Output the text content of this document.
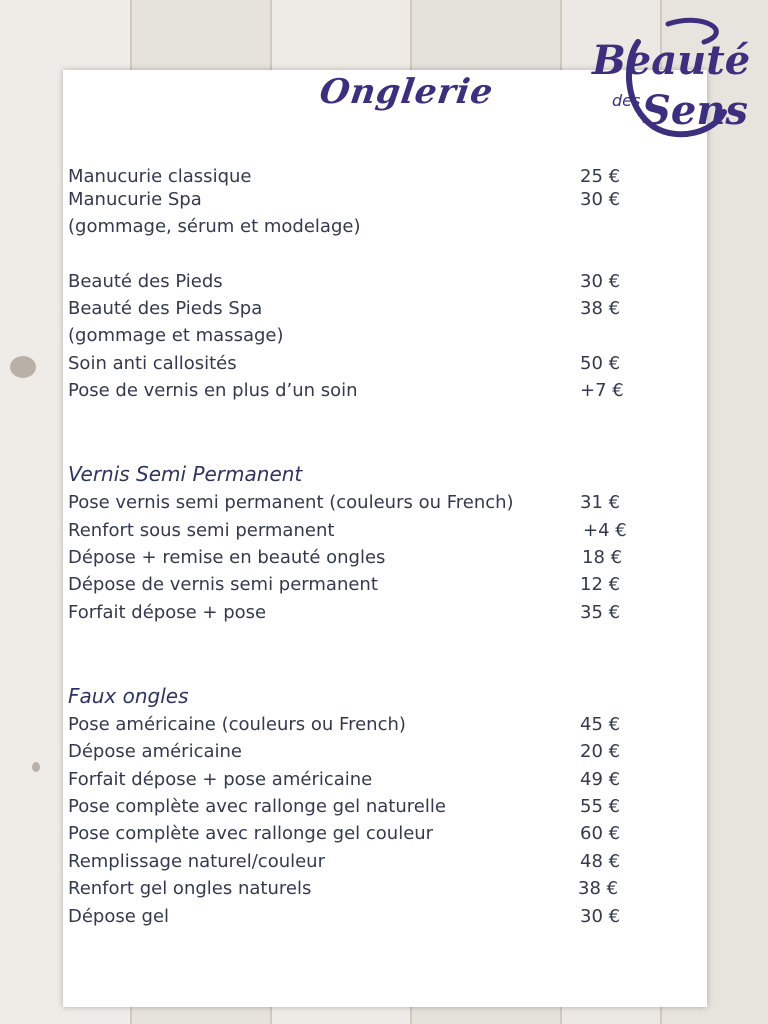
Onglerie
Beauté
des Sens
Manucurie classique	25 €
Manucurie Spa	30 €
(gommage, sérum et modelage)
Beauté des Pieds	30 €
Beauté des Pieds Spa	38 €
(gommage et massage)
Soin anti callosités	50 €
Pose de vernis en plus d’un soin	+7 €
Vernis Semi Permanent
Pose vernis semi permanent (couleurs ou French)	31 €
Renfort sous semi permanent	+4 €
Dépose + remise en beauté ongles	18 €
Dépose de vernis semi permanent	12 €
Forfait dépose + pose	35 €
Faux ongles
Pose américaine (couleurs ou French)	45 €
Dépose américaine	20 €
Forfait dépose + pose américaine	49 €
Pose complète avec rallonge gel naturelle	55 €
Pose complète avec rallonge gel couleur	60 €
Remplissage naturel/couleur	48 €
Renfort gel ongles naturels	38 €
Dépose gel	30 €
